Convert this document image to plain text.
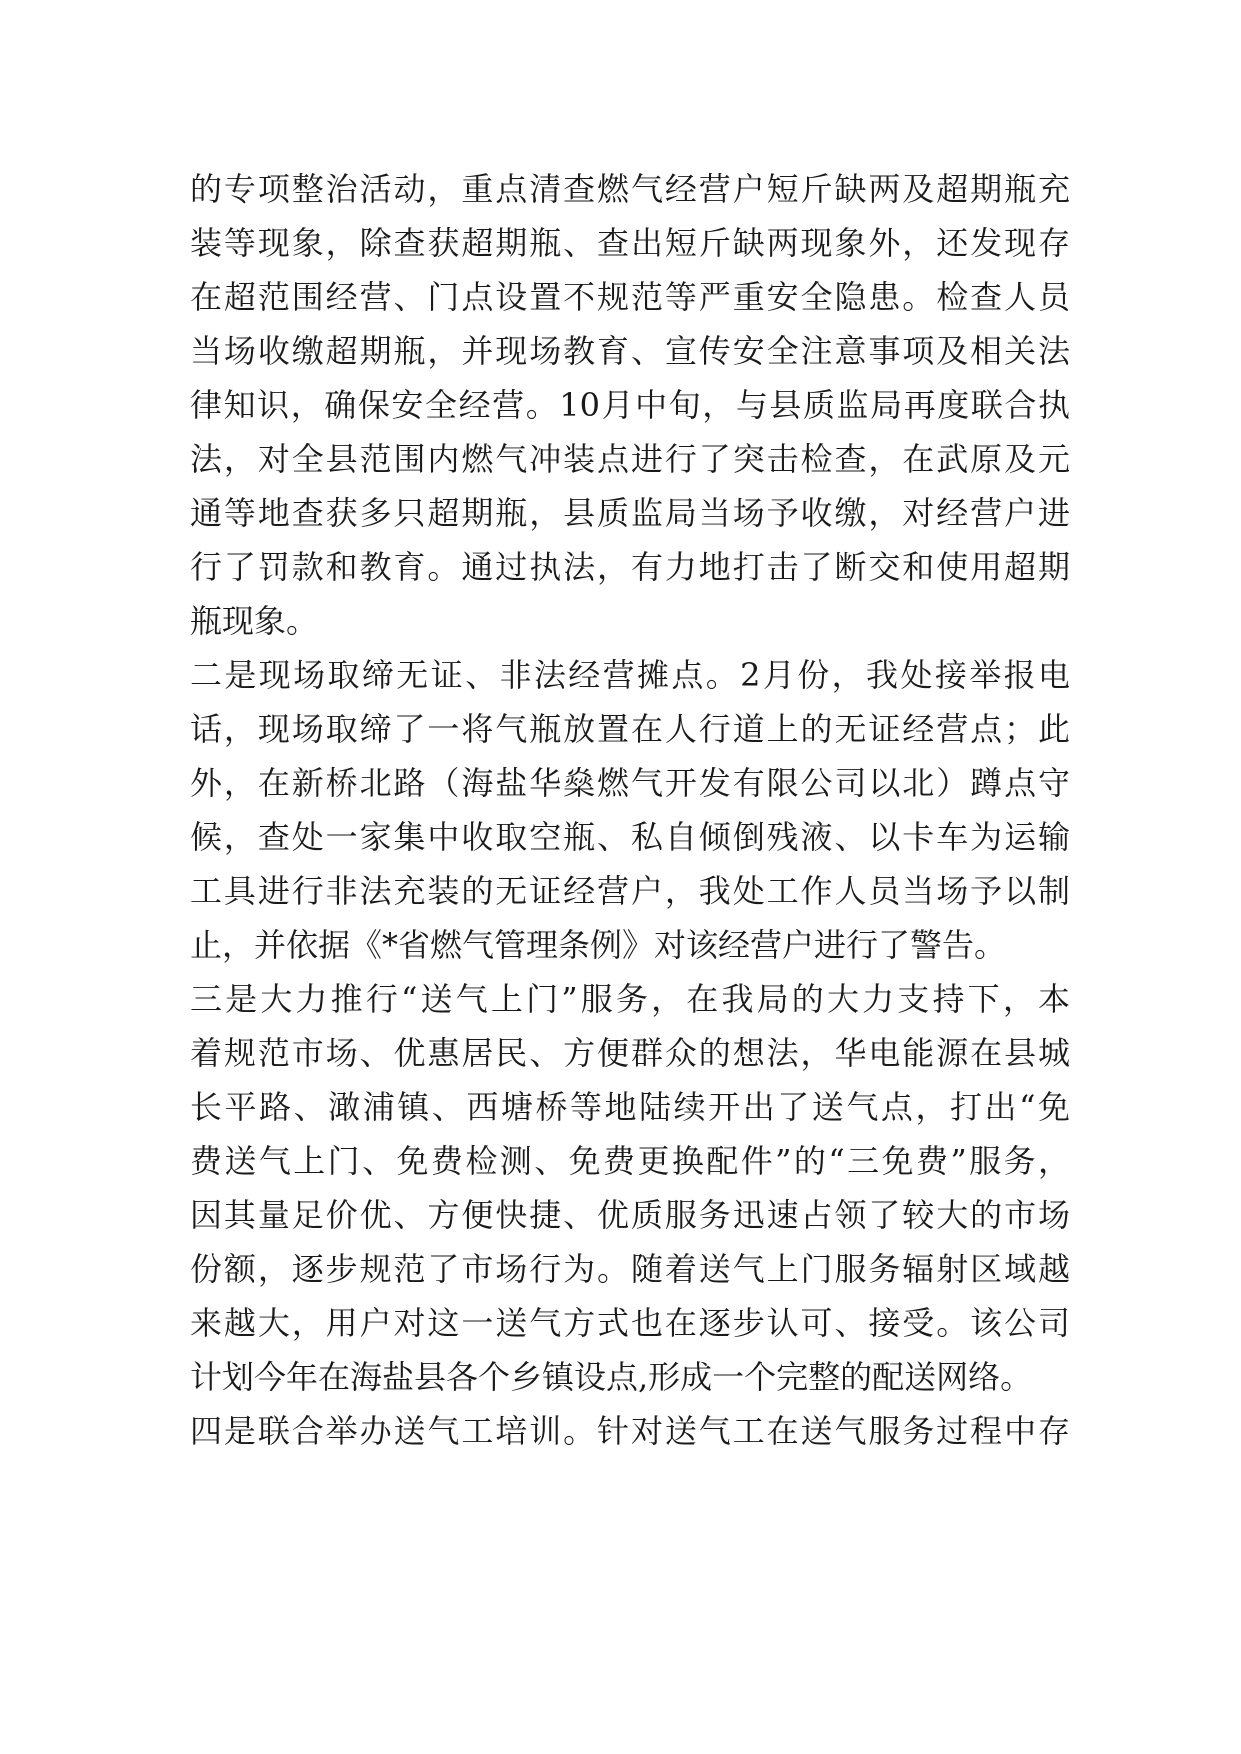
的专项整治活动，重点清查燃气经营户短斤缺两及超期瓶充
装等现象，除查获超期瓶、查出短斤缺两现象外，还发现存
在超范围经营、门点设置不规范等严重安全隐患。检查人员
当场收缴超期瓶，并现场教育、宣传安全注意事项及相关法
律知识，确保安全经营。10月中旬，与县质监局再度联合执
法，对全县范围内燃气冲装点进行了突击检查，在武原及元
通等地查获多只超期瓶，县质监局当场予收缴，对经营户进
行了罚款和教育。通过执法，有力地打击了断交和使用超期
瓶现象。
二是现场取缔无证、非法经营摊点。2月份，我处接举报电
话，现场取缔了一将气瓶放置在人行道上的无证经营点；此
外，在新桥北路（海盐华燊燃气开发有限公司以北）蹲点守
候，查处一家集中收取空瓶、私自倾倒残液、以卡车为运输
工具进行非法充装的无证经营户，我处工作人员当场予以制
止，并依据《*省燃气管理条例》对该经营户进行了警告。
三是大力推行“送气上门”服务，在我局的大力支持下，本
着规范市场、优惠居民、方便群众的想法，华电能源在县城
长平路、澉浦镇、西塘桥等地陆续开出了送气点，打出“免
费送气上门、免费检测、免费更换配件”的“三免费”服务，
因其量足价优、方便快捷、优质服务迅速占领了较大的市场
份额，逐步规范了市场行为。随着送气上门服务辐射区域越
来越大，用户对这一送气方式也在逐步认可、接受。该公司
计划今年在海盐县各个乡镇设点,形成一个完整的配送网络。
四是联合举办送气工培训。针对送气工在送气服务过程中存
